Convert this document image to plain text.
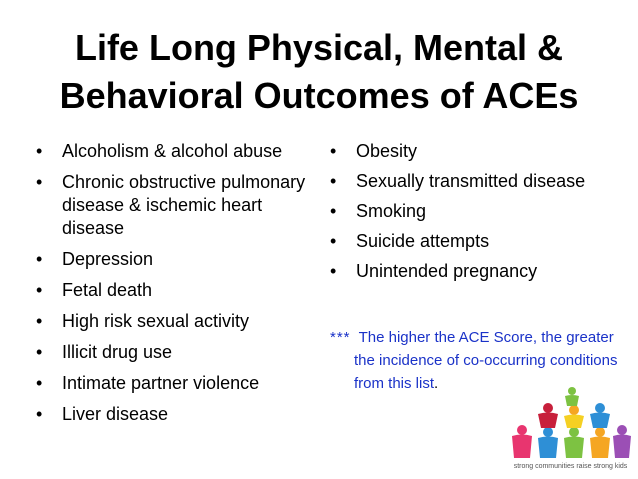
Life Long Physical, Mental &
Behavioral Outcomes of ACEs
• Alcoholism & alcohol abuse
• Chronic obstructive pulmonary disease & ischemic heart disease
• Depression
• Fetal death
• High risk sexual activity
• Illicit drug use
• Intimate partner violence
• Liver disease
• Obesity
• Sexually transmitted disease
• Smoking
• Suicide attempts
• Unintended pregnancy
*** The higher the ACE Score, the greater the incidence of co-occurring conditions from this list.
strong communities raise strong kids
